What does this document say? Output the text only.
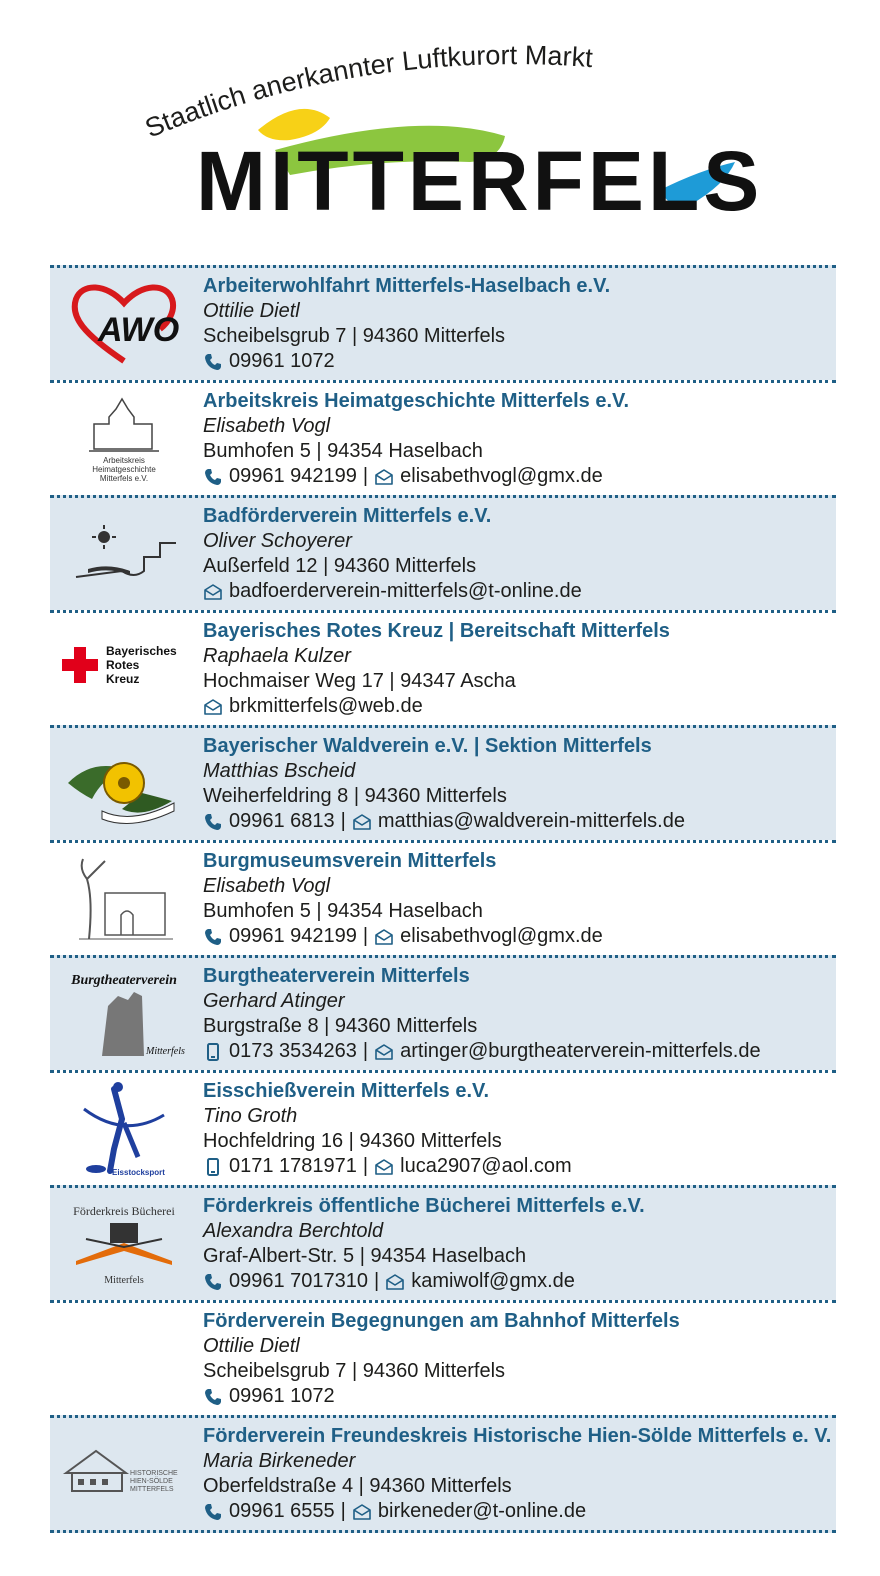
Staatlich anerkannter Luftkurort Markt
MITTERFELS
AWO
Arbeiterwohlfahrt Mitterfels-Haselbach e.V.
Ottilie Dietl
Scheibelsgrub 7 | 94360 Mitterfels
09961 1072
Arbeitskreis
Heimatgeschichte
Mitterfels e.V.
Arbeitskreis Heimatgeschichte Mitterfels e.V.
Elisabeth Vogl
Bumhofen 5 | 94354 Haselbach
09961 942199 | elisabethvogl@gmx.de
Badförderverein Mitterfels e.V.
Oliver Schoyerer
Außerfeld 12 | 94360 Mitterfels
badfoerderverein-mitterfels@t-online.de
Bayerisches
Rotes
Kreuz
Bayerisches Rotes Kreuz | Bereitschaft Mitterfels
Raphaela Kulzer
Hochmaiser Weg 17 | 94347 Ascha
brkmitterfels@web.de
Bayerischer Waldverein e.V. | Sektion Mitterfels
Matthias Bscheid
Weiherfeldring 8 | 94360 Mitterfels
09961 6813 | matthias@waldverein-mitterfels.de
Burgmuseumsverein Mitterfels
Elisabeth Vogl
Bumhofen 5 | 94354 Haselbach
09961 942199 | elisabethvogl@gmx.de
Burgtheaterverein
Mitterfels
Burgtheaterverein Mitterfels
Gerhard Atinger
Burgstraße 8 | 94360 Mitterfels
0173 3534263 | artinger@burgtheaterverein-mitterfels.de
Eisstocksport
Eisschießverein Mitterfels e.V.
Tino Groth
Hochfeldring 16 | 94360 Mitterfels
0171 1781971 | luca2907@aol.com
Förderkreis Bücherei
Mitterfels
Förderkreis öffentliche Bücherei Mitterfels e.V.
Alexandra Berchtold
Graf-Albert-Str. 5 | 94354 Haselbach
09961 7017310 | kamiwolf@gmx.de
Förderverein Begegnungen am Bahnhof Mitterfels
Ottilie Dietl
Scheibelsgrub 7 | 94360 Mitterfels
09961 1072
HISTORISCHE
HIEN-SÖLDE
MITTERFELS
Förderverein Freundeskreis Historische Hien-Sölde Mitterfels e. V.
Maria Birkeneder
Oberfeldstraße 4 | 94360 Mitterfels
09961 6555 | birkeneder@t-online.de
